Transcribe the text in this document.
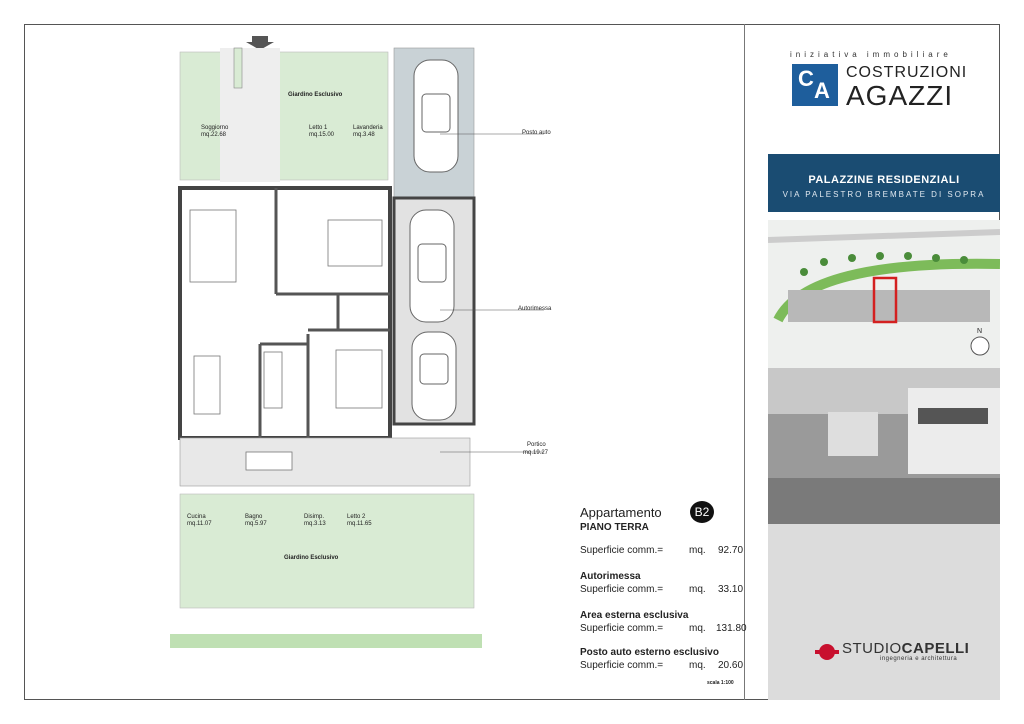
Giardino Esclusivo
Soggiorno
mq.22.68
Letto 1
mq.15.00
Lavanderia
mq.3.48
Cucina
mq.11.07
Bagno
mq.5.97
Disimp.
mq.3.13
Letto 2
mq.11.65
Giardino Esclusivo
Posto auto
Autorimessa
Portico
mq.19.27
Appartamento	B2
PIANO TERRA
Superficie comm.=	mq. 92.70
Autorimessa
Superficie comm.=	mq. 33.10
Area esterna esclusiva
Superficie comm.=	mq. 131.80
Posto auto esterno esclusivo
Superficie comm.=	mq. 20.60
scala 1:100
iniziativa immobiliare
C A
COSTRUZIONI
AGAZZI
PALAZZINE RESIDENZIALI
VIA PALESTRO BREMBATE DI SOPRA
N
STUDIOCAPELLI
ingegneria e architettura
